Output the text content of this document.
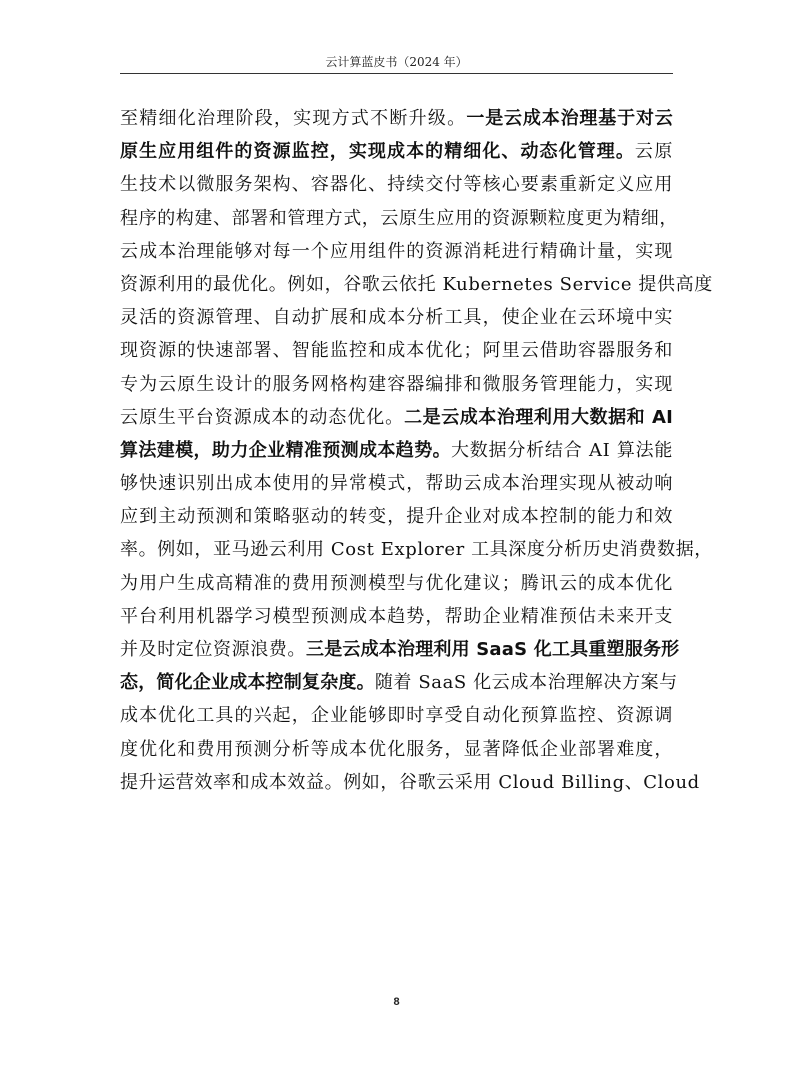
云计算蓝皮书（2024 年）
至精细化治理阶段，实现方式不断升级。一是云成本治理基于对云
原生应用组件的资源监控，实现成本的精细化、动态化管理。云原
生技术以微服务架构、容器化、持续交付等核心要素重新定义应用
程序的构建、部署和管理方式，云原生应用的资源颗粒度更为精细，
云成本治理能够对每一个应用组件的资源消耗进行精确计量，实现
资源利用的最优化。例如，谷歌云依托 Kubernetes Service 提供高度
灵活的资源管理、自动扩展和成本分析工具，使企业在云环境中实
现资源的快速部署、智能监控和成本优化；阿里云借助容器服务和
专为云原生设计的服务网格构建容器编排和微服务管理能力，实现
云原生平台资源成本的动态优化。二是云成本治理利用大数据和 AI
算法建模，助力企业精准预测成本趋势。大数据分析结合 AI 算法能
够快速识别出成本使用的异常模式，帮助云成本治理实现从被动响
应到主动预测和策略驱动的转变，提升企业对成本控制的能力和效
率。例如，亚马逊云利用 Cost Explorer 工具深度分析历史消费数据，
为用户生成高精准的费用预测模型与优化建议；腾讯云的成本优化
平台利用机器学习模型预测成本趋势，帮助企业精准预估未来开支
并及时定位资源浪费。三是云成本治理利用 SaaS 化工具重塑服务形
态，简化企业成本控制复杂度。随着 SaaS 化云成本治理解决方案与
成本优化工具的兴起，企业能够即时享受自动化预算监控、资源调
度优化和费用预测分析等成本优化服务，显著降低企业部署难度，
提升运营效率和成本效益。例如，谷歌云采用 Cloud Billing、Cloud
8
